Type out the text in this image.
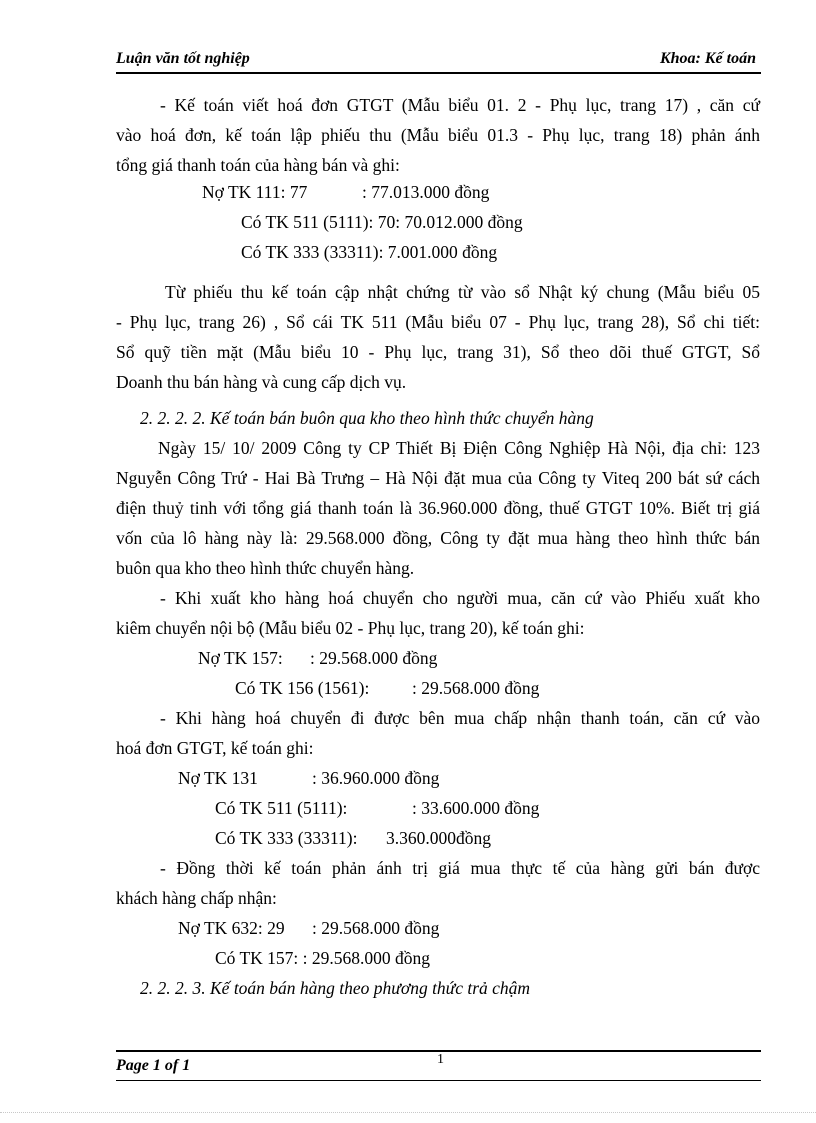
Luận văn tốt nghiệp	Khoa: Kế toán
- Kế toán viết hoá đơn GTGT (Mẫu biểu 01. 2 - Phụ lục, trang 17) , căn cứ
vào hoá đơn, kế toán lập phiếu thu (Mẫu biểu 01.3 - Phụ lục, trang 18) phản ánh
tổng giá thanh toán của hàng bán và ghi:
Nợ TK 111: 77	: 77.013.000 đồng
Có TK 511 (5111): 70: 70.012.000 đồng
Có TK 333 (33311): 7.001.000 đồng
Từ phiếu thu kế toán cập nhật chứng từ vào sổ Nhật ký chung (Mẫu biểu 05
- Phụ lục, trang 26) , Sổ cái TK 511 (Mẫu biểu 07 - Phụ lục, trang 28), Sổ chi tiết:
Sổ quỹ tiền mặt (Mẫu biểu 10 - Phụ lục, trang 31), Sổ theo dõi thuế GTGT, Sổ
Doanh thu bán hàng và cung cấp dịch vụ.
2. 2. 2. 2. Kế toán bán buôn qua kho theo hình thức chuyển hàng
Ngày 15/ 10/ 2009 Công ty CP Thiết Bị Điện Công Nghiệp Hà Nội, địa chỉ: 123
Nguyễn Công Trứ - Hai Bà Trưng – Hà Nội đặt mua của Công ty Viteq 200 bát sứ cách
điện thuỷ tinh với tổng giá thanh toán là 36.960.000 đồng, thuế GTGT 10%. Biết trị giá
vốn của lô hàng này là: 29.568.000 đồng, Công ty đặt mua hàng theo hình thức bán
buôn qua kho theo hình thức chuyển hàng.
- Khi xuất kho hàng hoá chuyển cho người mua, căn cứ vào Phiếu xuất kho
kiêm chuyển nội bộ (Mẫu biểu 02 - Phụ lục, trang 20), kế toán ghi:
Nợ TK 157: : 29.568.000 đồng
Có TK 156 (1561): : 29.568.000 đồng
- Khi hàng hoá chuyển đi được bên mua chấp nhận thanh toán, căn cứ vào
hoá đơn GTGT, kế toán ghi:
Nợ TK 131	: 36.960.000 đồng
Có TK 511 (5111):	: 33.600.000 đồng
Có TK 333 (33311): 3.360.000đồng
- Đồng thời kế toán phản ánh trị giá mua thực tế của hàng gửi bán được
khách hàng chấp nhận:
Nợ TK 632: 29 : 29.568.000 đồng
Có TK 157: : 29.568.000 đồng
2. 2. 2. 3. Kế toán bán hàng theo phương thức trả chậm
1
Page 1 of 1
